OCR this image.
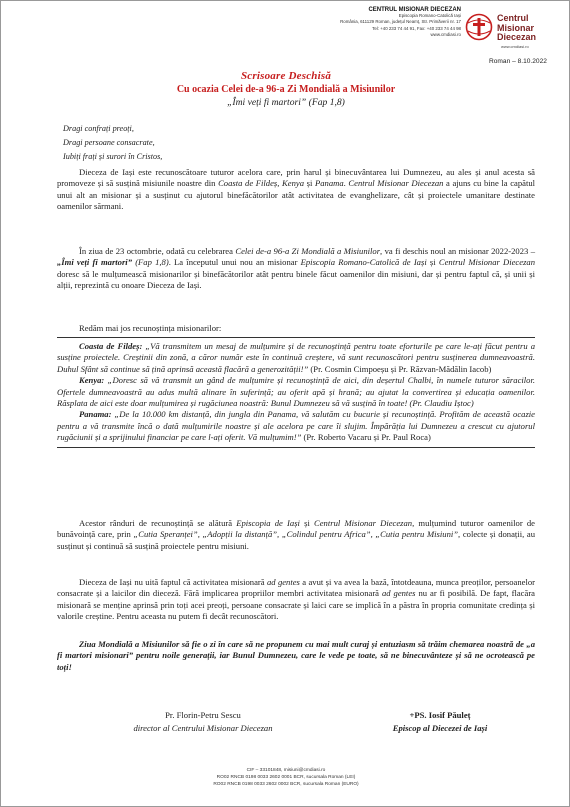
CENTRUL MISIONAR DIECEZAN
Episcopia Romano-Catolică Iași
România, 611129 Roman, județul Neamț, Str. Primăverii nr. 17
Tel: +40 233 74 44 91, Fax: +40 233 74 44 98
www.cmdiasi.ro
Centrul
Misionar
Diecezan
www.cmdiasi.ro
Roman – 8.10.2022
Scrisoare Deschisă
Cu ocazia Celei de-a 96-a Zi Mondială a Misiunilor
„Îmi veți fi martori” (Fap 1,8)
Dragi confrați preoți,
Dragi persoane consacrate,
Iubiți frați și surori în Cristos,

Dieceza de Iași este recunoscătoare tuturor acelora care, prin harul și binecuvântarea lui Dumnezeu, au ales și anul acesta să promoveze și să susțină misiunile noastre din Coasta de Fildeș, Kenya și Panama. Centrul Misionar Diecezan a ajuns cu bine la capătul unui alt an misionar și a susținut cu ajutorul binefăcătorilor atât activitatea de evanghelizare, cât și proiectele umanitare destinate oamenilor sărmani.

În ziua de 23 octombrie, odată cu celebrarea Celei de-a 96-a Zi Mondială a Misiunilor, va fi deschis noul an misionar 2022-2023 – „Îmi veți fi martori” (Fap 1,8). La începutul unui nou an misionar Episcopia Romano-Catolică de Iași și Centrul Misionar Diecezan doresc să le mulțumească misionarilor și binefăcătorilor atât pentru binele făcut oamenilor din misiuni, dar și pentru faptul că, și unii și alții, reprezintă cu onoare Dieceza de Iași.

Redăm mai jos recunoștința misionarilor:

Coasta de Fildeș: „Vă transmitem un mesaj de mulțumire și de recunoștință pentru toate eforturile pe care le-ați făcut pentru a susține proiectele. Creștinii din zonă, a căror număr este în continuă creștere, vă sunt recunoscători pentru susținerea dumneavoastră. Duhul Sfânt să continue să țină aprinsă această flacără a generozității!” (Pr. Cosmin Cimpoeșu și Pr. Răzvan-Mădălin Iacob)

Kenya: „Doresc să vă transmit un gând de mulțumire și recunoștință de aici, din deșertul Chalbi, în numele tuturor săracilor. Ofertele dumneavoastră au adus multă alinare în suferință; au oferit apă și hrană; au ajutat la convertirea și educația oamenilor. Răsplata de aici este doar mulțumirea și rugăciunea noastră: Bunul Dumnezeu să vă susțină în toate! (Pr. Claudiu Iștoc)

Panama: „De la 10.000 km distanță, din jungla din Panama, vă salutăm cu bucurie și recunoștință. Profităm de această ocazie pentru a vă transmite încă o dată mulțumirile noastre și ale acelora pe care îi slujim. Împărăția lui Dumnezeu a crescut cu ajutorul rugăciunii și a sprijinului financiar pe care l-ați oferit. Vă mulțumim!” (Pr. Roberto Vacaru și Pr. Paul Roca)

Acestor rânduri de recunoștință se alătură Episcopia de Iași și Centrul Misionar Diecezan, mulțumind tuturor oamenilor de bunăvoință care, prin „Cutia Speranței”, „Adopții la distanță”, „Colindul pentru Africa”, „Cutia pentru Misiuni”, colecte și donații, au susținut și continuă să susțină proiectele pentru misiuni.

Dieceza de Iași nu uită faptul că activitatea misionară ad gentes a avut și va avea la bază, întotdeauna, munca preoților, persoanelor consacrate și a laicilor din dieceză. Fără implicarea propriilor membri activitatea misionară ad gentes nu ar fi posibilă. De fapt, flacăra misionară se menține aprinsă prin toți acei preoți, persoane consacrate și laici care se implică în a păstra în propria comunitate credința și valorile creștine. Pentru aceasta nu putem fi decât recunoscători.

Ziua Mondială a Misiunilor să fie o zi în care să ne propunem cu mai mult curaj și entuziasm să trăim chemarea noastră de „a fi martori misionari” pentru noile generații, iar Bunul Dumnezeu, care le vede pe toate, să ne binecuvânteze și să ne ocrotească pe toți!

Pr. Florin-Petru Sescu
director al Centrului Misionar Diecezan
+PS. Iosif Păuleț
Episcop al Diecezei de Iași
CIF – 33101848, misiuni@cmdiasi.ro
RO02 RNCB 0198 0033 2602 0001 BCR, sucursala Roman (LEI)
RO02 RNCB 0198 0033 2602 0002 BCR, sucursala Roman (EURO)
